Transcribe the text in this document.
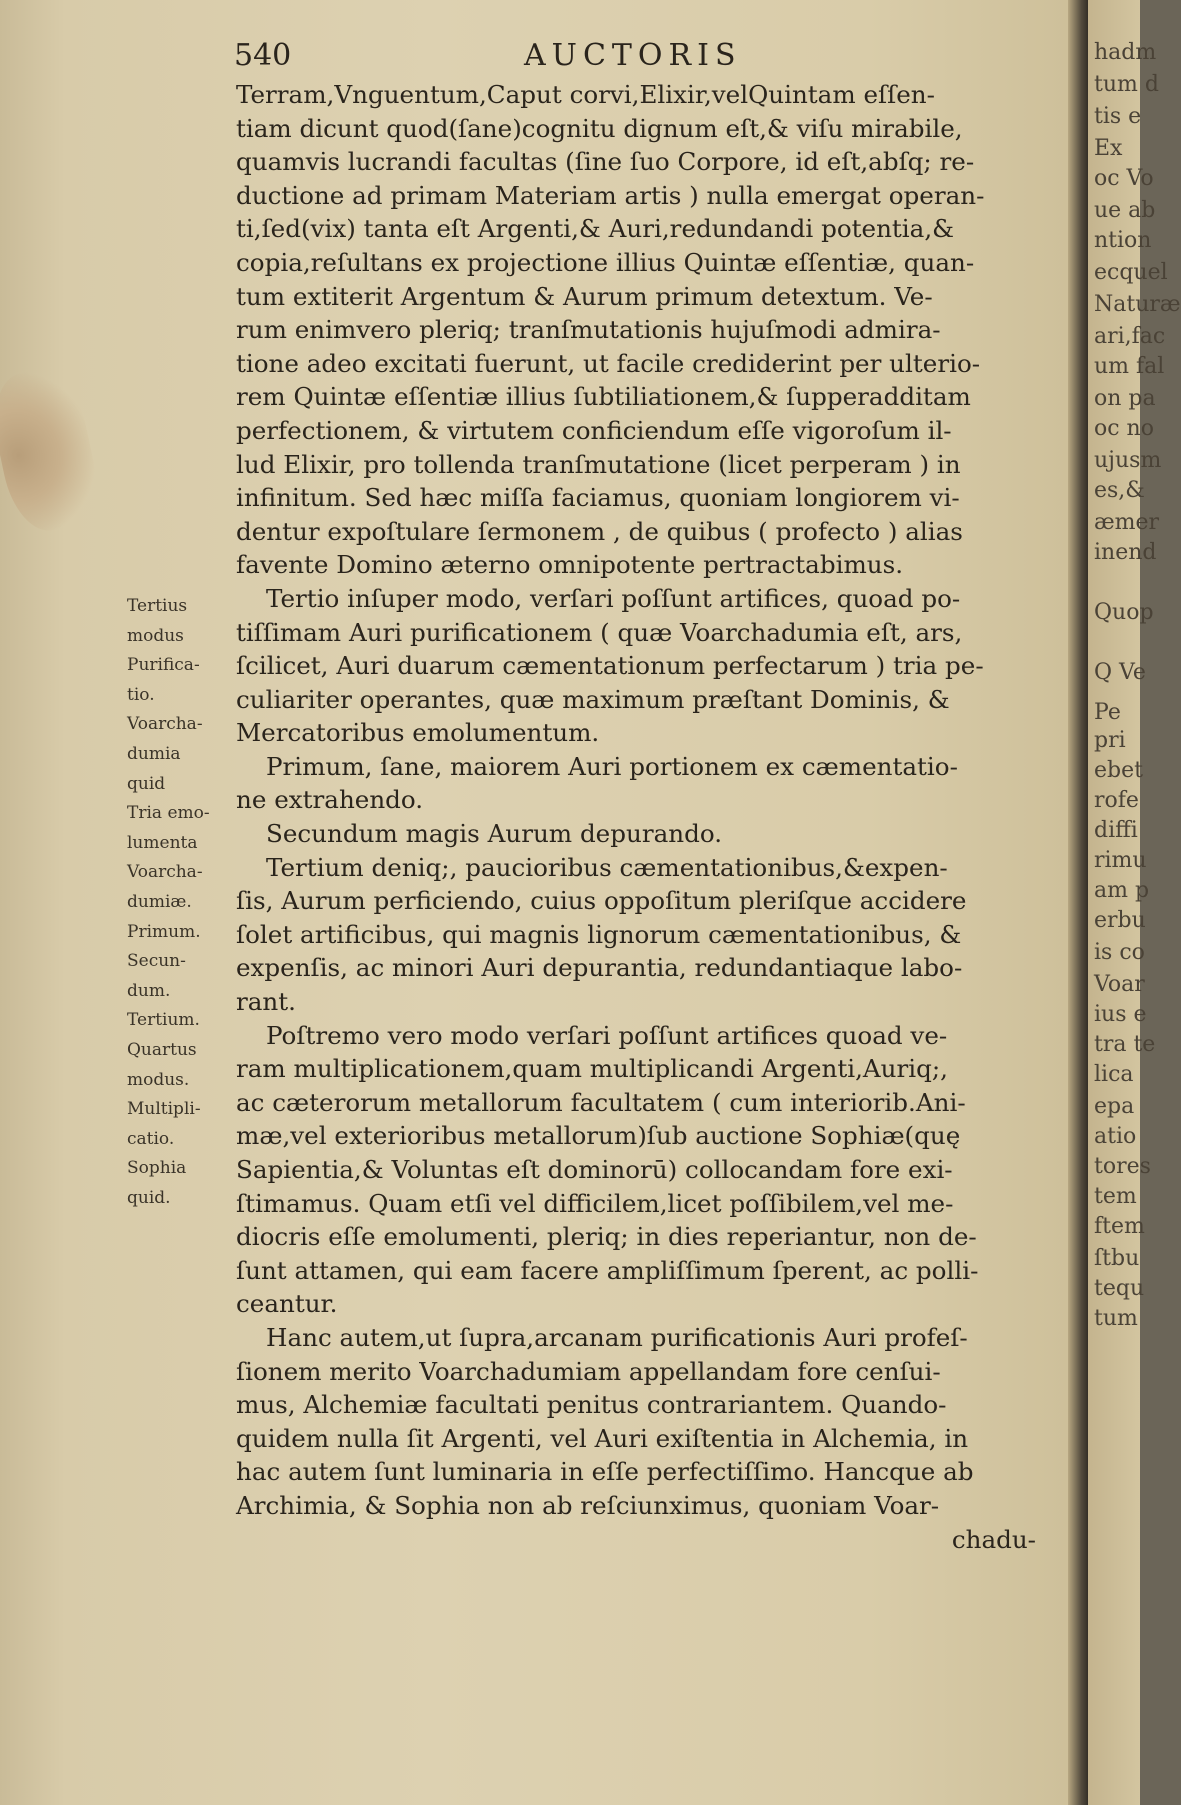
540	AUCTORIS
Terram,Vnguentum,Caput corvi,Elixir,velQuintam eſſen-
tiam dicunt quod(ſane)cognitu dignum eſt,& viſu mirabile,
quamvis lucrandi facultas (ſine ſuo Corpore, id eſt,abſq; re-
ductione ad primam Materiam artis ) nulla emergat operan-
ti,ſed(vix) tanta eſt Argenti,& Auri,redundandi potentia,&
copia,reſultans ex projectione illius Quintæ eſſentiæ, quan-
tum extiterit Argentum & Aurum primum detextum. Ve-
rum enimvero pleriq; tranſmutationis hujuſmodi admira-
tione adeo excitati fuerunt, ut facile crediderint per ulterio-
rem Quintæ eſſentiæ illius ſubtiliationem,& ſupperadditam
perfectionem, & virtutem conficiendum eſſe vigoroſum il-
lud Elixir, pro tollenda tranſmutatione (licet perperam ) in
infinitum. Sed hæc miſſa faciamus, quoniam longiorem vi-
dentur expoſtulare ſermonem , de quibus ( profecto ) alias
favente Domino æterno omnipotente pertractabimus.
Tertio inſuper modo, verſari poſſunt artifices, quoad po-
tiſſimam Auri purificationem ( quæ Voarchadumia eſt, ars,
ſcilicet, Auri duarum cæmentationum perfectarum ) tria pe-
culiariter operantes, quæ maximum præſtant Dominis, &
Mercatoribus emolumentum.
Primum, ſane, maiorem Auri portionem ex cæmentatio-
ne extrahendo.
Secundum magis Aurum depurando.
Tertium deniq;, paucioribus cæmentationibus,&expen-
ſis, Aurum perficiendo, cuius oppoſitum pleriſque accidere
ſolet artificibus, qui magnis lignorum cæmentationibus, &
expenſis, ac minori Auri depurantia, redundantiaque labo-
rant.
Poſtremo vero modo verſari poſſunt artifices quoad ve-
ram multiplicationem,quam multiplicandi Argenti,Auriq;,
ac cæterorum metallorum facultatem ( cum interiorib.Ani-
mæ,vel exterioribus metallorum)ſub auctione Sophiæ(quę
Sapientia,& Voluntas eſt dominorū) collocandam fore exi-
ſtimamus. Quam etſi vel difficilem,licet poſſibilem,vel me-
diocris eſſe emolumenti, pleriq; in dies reperiantur, non de-
ſunt attamen, qui eam facere ampliſſimum ſperent, ac polli-
ceantur.
Hanc autem,ut ſupra,arcanam purificationis Auri profeſ-
ſionem merito Voarchadumiam appellandam fore cenſui-
mus, Alchemiæ facultati penitus contrariantem. Quando-
quidem nulla ſit Argenti, vel Auri exiſtentia in Alchemia, in
hac autem ſunt luminaria in eſſe perfectiſſimo. Hancque ab
Archimia, & Sophia non ab reſciunximus, quoniam Voar-
chadu-
Tertius
modus
Purifica-
tio.
Voarcha-
dumia
quid
Tria emo-
lumenta
Voarcha-
dumiæ.
Primum.
Secun-
dum.
Tertium.
Quartus
modus.
Multipli-
catio.
Sophia
quid.
hadm
tum d
tis e
Ex
oc Vo
ue ab
ntion
ecquel
Naturæ
ari,fac
um fal
on pa
oc no
ujusm
es,&
æmer
inend
Quop
Q Ve
Pe
pri
ebet
rofe
diffi
rimu
am p
erbu
is co
Voar
ius e
tra te
lica
epa
atio
tores
tem
ftem
ſtbu
tequ
tum
